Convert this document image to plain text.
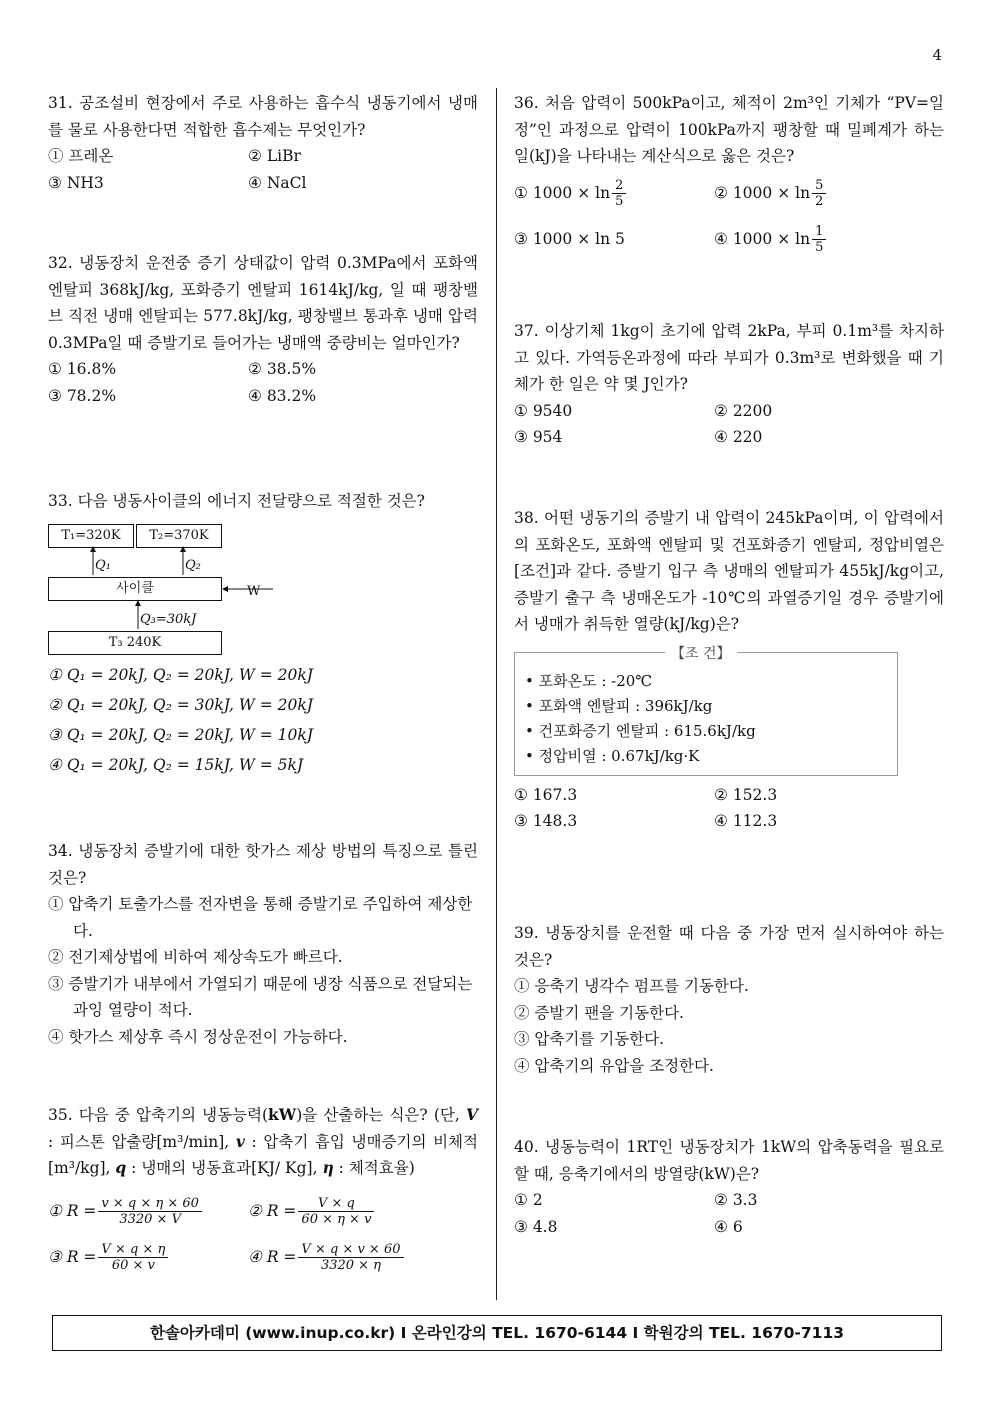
4
31. 공조설비 현장에서 주로 사용하는 흡수식 냉동기에서 냉매를 물로 사용한다면 적합한 흡수제는 무엇인가?
① 프레온	② LiBr
③ NH3	④ NaCl
32. 냉동장치 운전중 증기 상태값이 압력 0.3MPa에서 포화액 엔탈피 368kJ/kg, 포화증기 엔탈피 1614kJ/kg, 일 때 팽창밸브 직전 냉매 엔탈피는 577.8kJ/kg, 팽창밸브 통과후 냉매 압력 0.3MPa일 때 증발기로 들어가는 냉매액 중량비는 얼마인가?
① 16.8%	② 38.5%
③ 78.2%	④ 83.2%
33. 다음 냉동사이클의 에너지 전달량으로 적절한 것은?
T₁=320K	T₂=370K
Q₁	Q₂
사이클	W
Q₃=30kJ
T₃ 240K
① Q₁ = 20kJ, Q₂ = 20kJ, W = 20kJ
② Q₁ = 20kJ, Q₂ = 30kJ, W = 20kJ
③ Q₁ = 20kJ, Q₂ = 20kJ, W = 10kJ
④ Q₁ = 20kJ, Q₂ = 15kJ, W = 5kJ
34. 냉동장치 증발기에 대한 핫가스 제상 방법의 특징으로 틀린 것은?
① 압축기 토출가스를 전자변을 통해 증발기로 주입하여 제상한다.
② 전기제상법에 비하여 제상속도가 빠르다.
③ 증발기가 내부에서 가열되기 때문에 냉장 식품으로 전달되는 과잉 열량이 적다.
④ 핫가스 제상후 즉시 정상운전이 가능하다.
35. 다음 중 압축기의 냉동능력(kW)을 산출하는 식은? (단, V : 피스톤 압출량[m³/min], v : 압축기 흡입 냉매증기의 비체적[m³/kg], q : 냉매의 냉동효과[KJ/ Kg], η : 체적효율)
① $R = \frac{v \times q \times \eta \times 60}{3320 \times V}$	② $R = \frac{V \times q}{60 \times \eta \times v}$
③ $R = \frac{V \times q \times \eta}{60 \times v}$	④ $R = \frac{V \times q \times v \times 60}{3320 \times \eta}$
36. 처음 압력이 500kPa이고, 체적이 2m³인 기체가 “PV=일정”인 과정으로 압력이 100kPa까지 팽창할 때 밀폐계가 하는 일(kJ)을 나타내는 계산식으로 옳은 것은?
① $1000 \times \ln \frac{2}{5}$	② $1000 \times \ln \frac{5}{2}$
③ 1000 × ln 5	④ $1000 \times \ln \frac{1}{5}$
37. 이상기체 1kg이 초기에 압력 2kPa, 부피 0.1m³를 차지하고 있다. 가역등온과정에 따라 부피가 0.3m³로 변화했을 때 기체가 한 일은 약 몇 J인가?
① 9540	② 2200
③ 954	④ 220
38. 어떤 냉동기의 증발기 내 압력이 245kPa이며, 이 압력에서의 포화온도, 포화액 엔탈피 및 건포화증기 엔탈피, 정압비열은 [조건]과 같다. 증발기 입구 측 냉매의 엔탈피가 455kJ/kg이고, 증발기 출구 측 냉매온도가 -10℃의 과열증기일 경우 증발기에서 냉매가 취득한 열량(kJ/kg)은?
【조 건】
• 포화온도 : -20℃
• 포화액 엔탈피 : 396kJ/kg
• 건포화증기 엔탈피 : 615.6kJ/kg
• 정압비열 : 0.67kJ/kg·K
① 167.3	② 152.3
③ 148.3	④ 112.3
39. 냉동장치를 운전할 때 다음 중 가장 먼저 실시하여야 하는 것은?
① 응축기 냉각수 펌프를 기동한다.
② 증발기 팬을 기동한다.
③ 압축기를 기동한다.
④ 압축기의 유압을 조정한다.
40. 냉동능력이 1RT인 냉동장치가 1kW의 압축동력을 필요로 할 때, 응축기에서의 방열량(kW)은?
① 2	② 3.3
③ 4.8	④ 6
한솔아카데미 (www.inup.co.kr) I 온라인강의 TEL. 1670-6144 I 학원강의 TEL. 1670-7113
